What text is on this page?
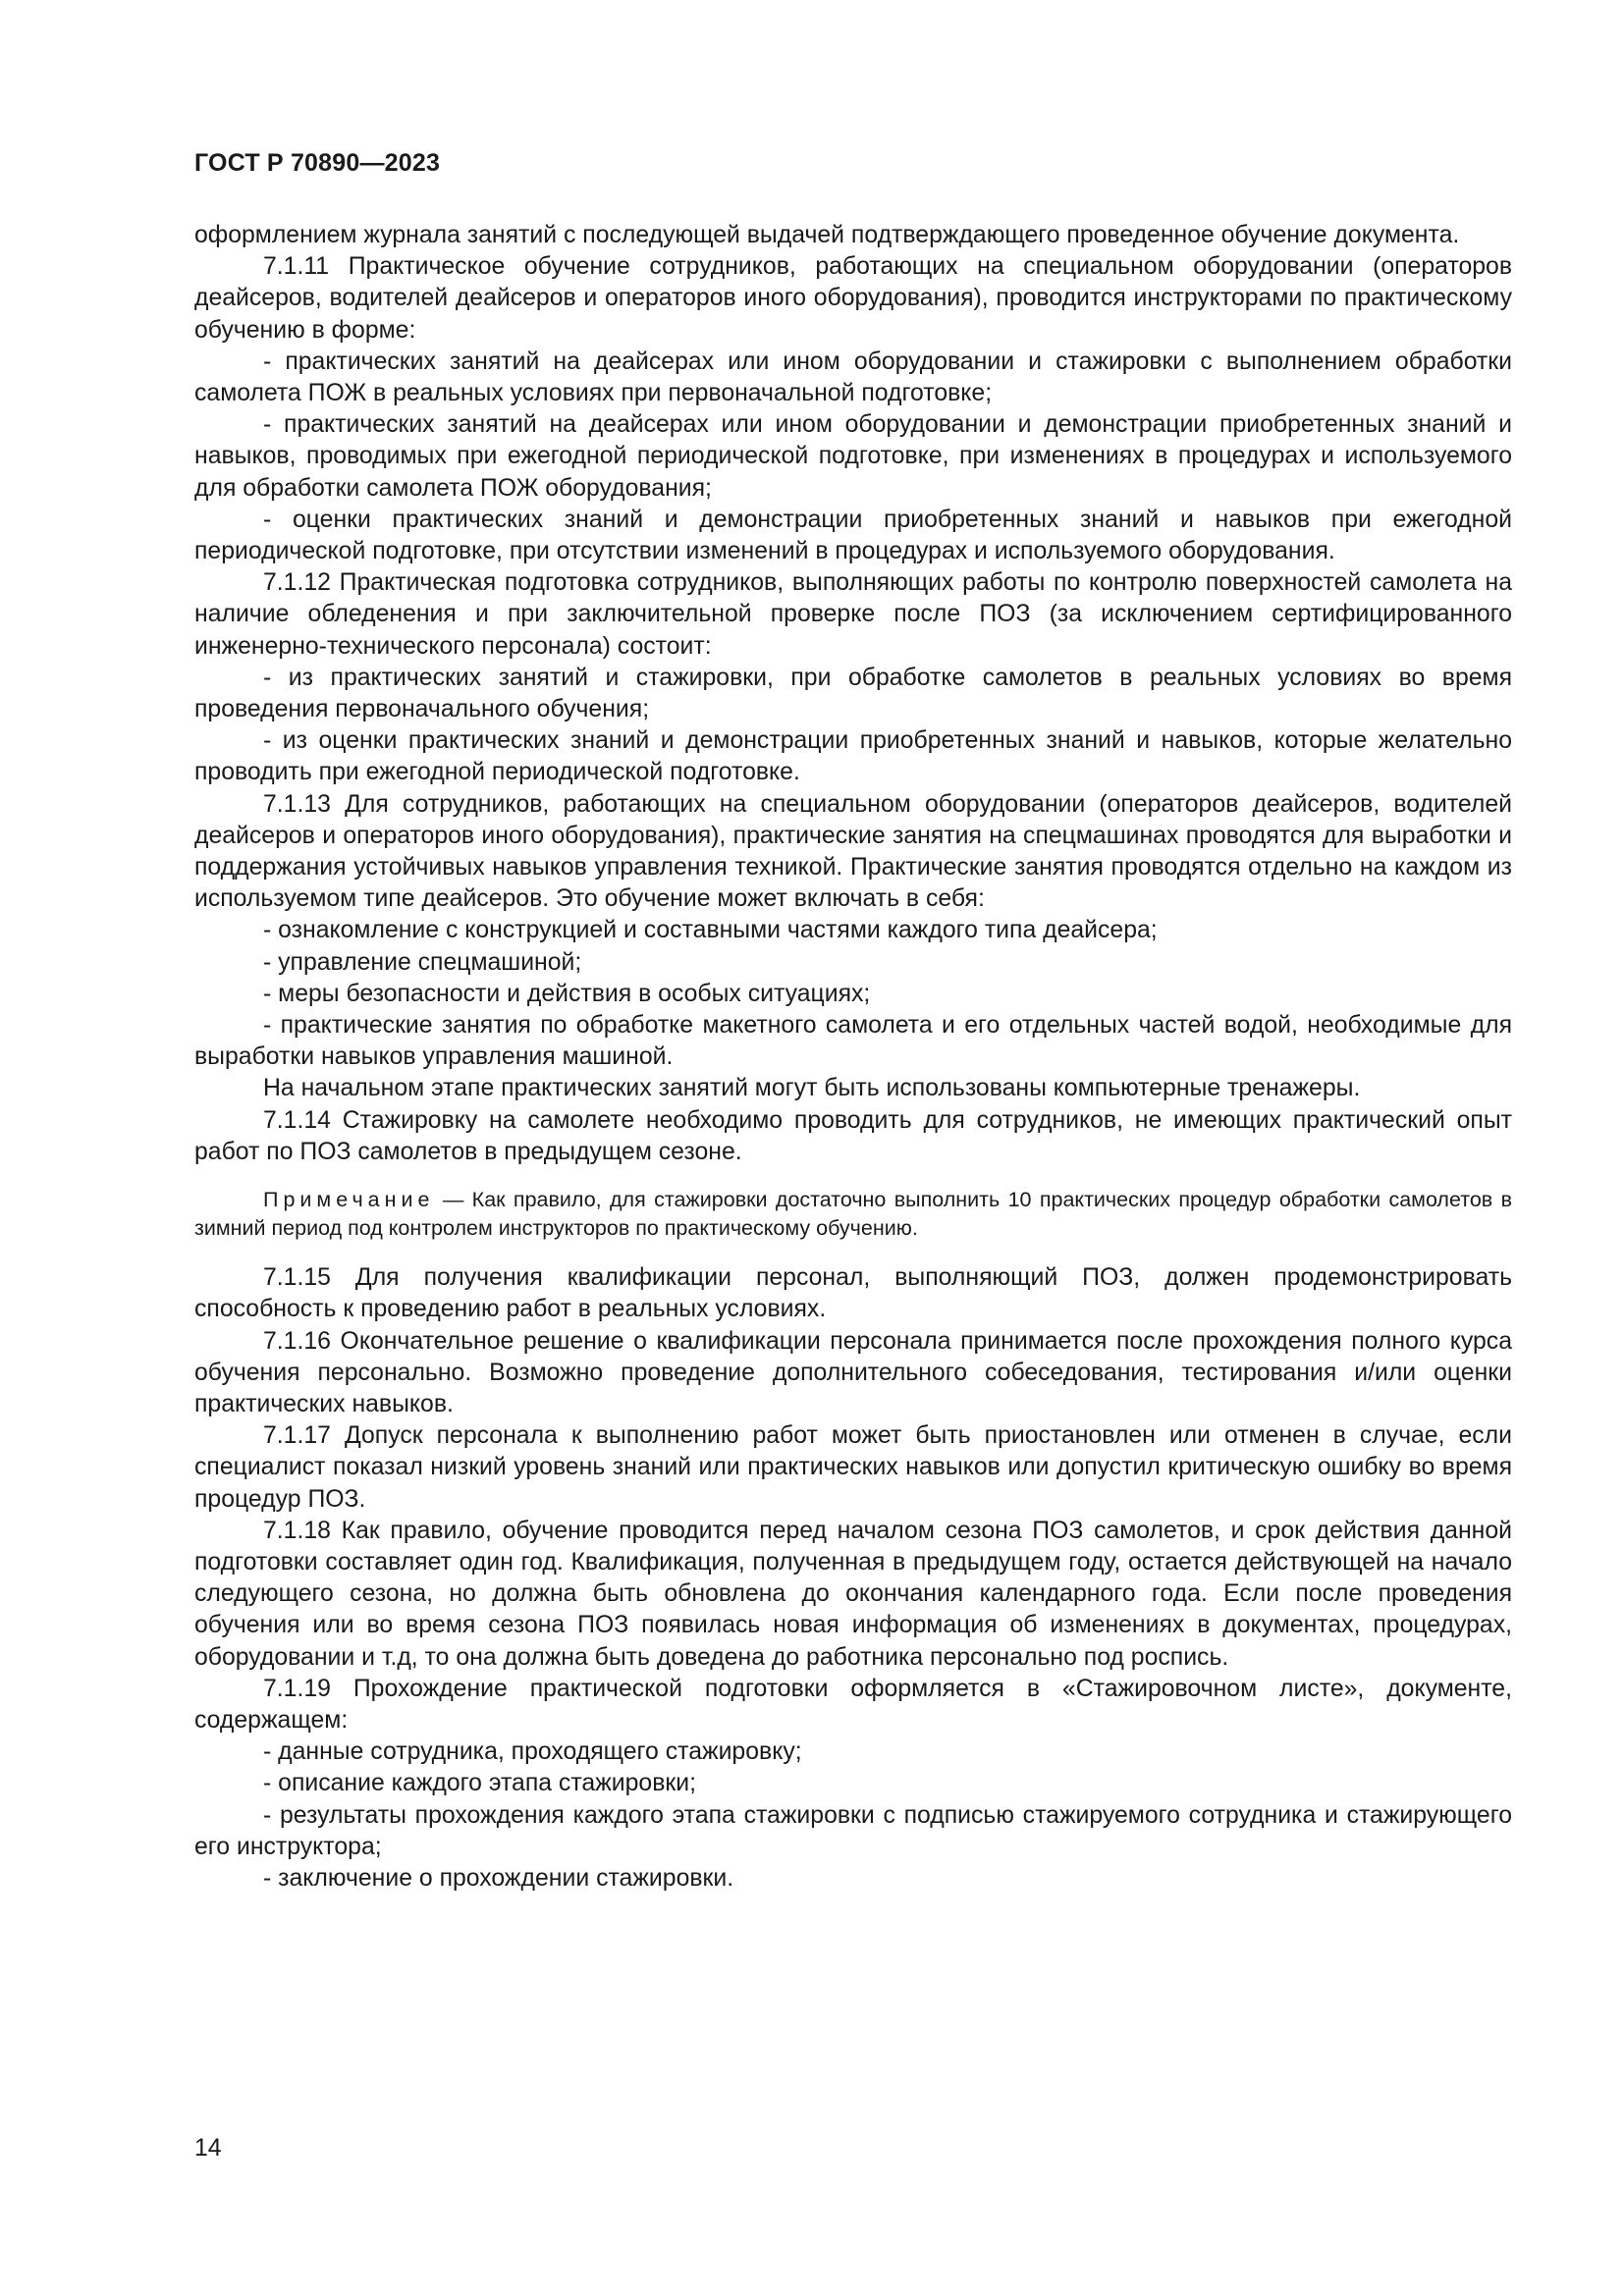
ГОСТ Р 70890—2023

оформлением журнала занятий с последующей выдачей подтверждающего проведенное обучение документа.

7.1.11 Практическое обучение сотрудников, работающих на специальном оборудовании (операторов деайсеров, водителей деайсеров и операторов иного оборудования), проводится инструкторами по практическому обучению в форме:

- практических занятий на деайсерах или ином оборудовании и стажировки с выполнением обработки самолета ПОЖ в реальных условиях при первоначальной подготовке;

- практических занятий на деайсерах или ином оборудовании и демонстрации приобретенных знаний и навыков, проводимых при ежегодной периодической подготовке, при изменениях в процедурах и используемого для обработки самолета ПОЖ оборудования;

- оценки практических знаний и демонстрации приобретенных знаний и навыков при ежегодной периодической подготовке, при отсутствии изменений в процедурах и используемого оборудования.

7.1.12 Практическая подготовка сотрудников, выполняющих работы по контролю поверхностей самолета на наличие обледенения и при заключительной проверке после ПОЗ (за исключением сертифицированного инженерно-технического персонала) состоит:

- из практических занятий и стажировки, при обработке самолетов в реальных условиях во время проведения первоначального обучения;

- из оценки практических знаний и демонстрации приобретенных знаний и навыков, которые желательно проводить при ежегодной периодической подготовке.

7.1.13 Для сотрудников, работающих на специальном оборудовании (операторов деайсеров, водителей деайсеров и операторов иного оборудования), практические занятия на спецмашинах проводятся для выработки и поддержания устойчивых навыков управления техникой. Практические занятия проводятся отдельно на каждом из используемом типе деайсеров. Это обучение может включать в себя:

- ознакомление с конструкцией и составными частями каждого типа деайсера;

- управление спецмашиной;

- меры безопасности и действия в особых ситуациях;

- практические занятия по обработке макетного самолета и его отдельных частей водой, необходимые для выработки навыков управления машиной.

На начальном этапе практических занятий могут быть использованы компьютерные тренажеры.

7.1.14 Стажировку на самолете необходимо проводить для сотрудников, не имеющих практический опыт работ по ПОЗ самолетов в предыдущем сезоне.

Примечание — Как правило, для стажировки достаточно выполнить 10 практических процедур обработки самолетов в зимний период под контролем инструкторов по практическому обучению.

7.1.15 Для получения квалификации персонал, выполняющий ПОЗ, должен продемонстрировать способность к проведению работ в реальных условиях.

7.1.16 Окончательное решение о квалификации персонала принимается после прохождения полного курса обучения персонально. Возможно проведение дополнительного собеседования, тестирования и/или оценки практических навыков.

7.1.17 Допуск персонала к выполнению работ может быть приостановлен или отменен в случае, если специалист показал низкий уровень знаний или практических навыков или допустил критическую ошибку во время процедур ПОЗ.

7.1.18 Как правило, обучение проводится перед началом сезона ПОЗ самолетов, и срок действия данной подготовки составляет один год. Квалификация, полученная в предыдущем году, остается действующей на начало следующего сезона, но должна быть обновлена до окончания календарного года. Если после проведения обучения или во время сезона ПОЗ появилась новая информация об изменениях в документах, процедурах, оборудовании и т.д, то она должна быть доведена до работника персонально под роспись.

7.1.19 Прохождение практической подготовки оформляется в «Стажировочном листе», документе, содержащем:

- данные сотрудника, проходящего стажировку;

- описание каждого этапа стажировки;

- результаты прохождения каждого этапа стажировки с подписью стажируемого сотрудника и стажирующего его инструктора;

- заключение о прохождении стажировки.

14
